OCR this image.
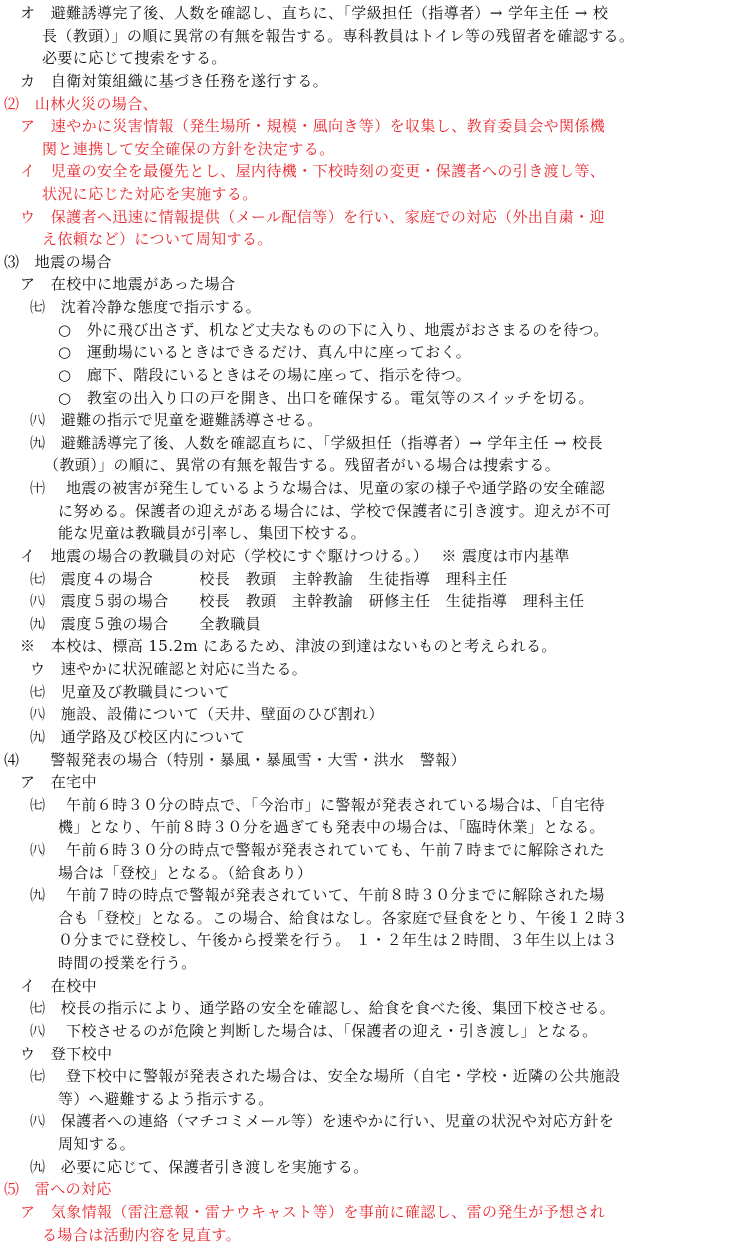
オ　避難誘導完了後、人数を確認し、直ちに、「学級担任（指導者）→ 学年主任 → 校
長（教頭）」の順に異常の有無を報告する。専科教員はトイレ等の残留者を確認する。
必要に応じて捜索をする。
カ　自衛対策組織に基づき任務を遂行する。
⑵　山林火災の場合、
ア　速やかに災害情報（発生場所・規模・風向き等）を収集し、教育委員会や関係機
関と連携して安全確保の方針を決定する。
イ　児童の安全を最優先とし、屋内待機・下校時刻の変更・保護者への引き渡し等、
状況に応じた対応を実施する。
ウ　保護者へ迅速に情報提供（メール配信等）を行い、家庭での対応（外出自粛・迎
え依頼など）について周知する。
⑶　地震の場合
ア　在校中に地震があった場合
㈦　沈着冷静な態度で指示する。
○　外に飛び出さず、机など丈夫なものの下に入り、地震がおさまるのを待つ。
○　運動場にいるときはできるだけ、真ん中に座っておく。
○　廊下、階段にいるときはその場に座って、指示を待つ。
○　教室の出入り口の戸を開き、出口を確保する。電気等のスイッチを切る。
㈧　避難の指示で児童を避難誘導させる。
㈨　避難誘導完了後、人数を確認直ちに、「学級担任（指導者）→ 学年主任 → 校長
（教頭）」の順に、異常の有無を報告する。残留者がいる場合は捜索する。
㈩　 地震の被害が発生しているような場合は、児童の家の様子や通学路の安全確認
に努める。保護者の迎えがある場合には、学校で保護者に引き渡す。迎えが不可
能な児童は教職員が引率し、集団下校する。
イ　地震の場合の教職員の対応（学校にすぐ駆けつける。）　 ※ 震度は市内基準
㈦　震度４の場合　　　校長　教頭　主幹教諭　生徒指導　理科主任
㈧　震度５弱の場合　　校長　教頭　主幹教諭　研修主任　生徒指導　理科主任
㈨　震度５強の場合　　全教職員
※　本校は、標高 15.2m にあるため、津波の到達はないものと考えられる。
ウ　速やかに状況確認と対応に当たる。
㈦　児童及び教職員について
㈧　施設、設備について（天井、壁面のひび割れ）
㈨　通学路及び校区内について
⑷　　警報発表の場合（特別・暴風・暴風雪・大雪・洪水　警報）
ア　在宅中
㈦　 午前６時３０分の時点で、「今治市」に警報が発表されている場合は、「自宅待
機」となり、午前８時３０分を過ぎても発表中の場合は、「臨時休業」となる。
㈧　 午前６時３０分の時点で警報が発表されていても、午前７時までに解除された
場合は「登校」となる。（給食あり）
㈨　 午前７時の時点で警報が発表されていて、午前８時３０分までに解除された場
合も「登校」となる。この場合、給食はなし。各家庭で昼食をとり、午後１２時３
０分までに登校し、午後から授業を行う。 １・２年生は２時間、３年生以上は３
時間の授業を行う。
イ　在校中
㈦　校長の指示により、通学路の安全を確認し、給食を食べた後、集団下校させる。
㈧　 下校させるのが危険と判断した場合は、「保護者の迎え・引き渡し」となる。
ウ　登下校中
㈦　 登下校中に警報が発表された場合は、安全な場所（自宅・学校・近隣の公共施設
等）へ避難するよう指示する。
㈧　保護者への連絡（マチコミメール等）を速やかに行い、児童の状況や対応方針を
周知する。
㈨　必要に応じて、保護者引き渡しを実施する。
⑸　雷への対応
ア　気象情報（雷注意報・雷ナウキャスト等）を事前に確認し、雷の発生が予想され
る場合は活動内容を見直す。
